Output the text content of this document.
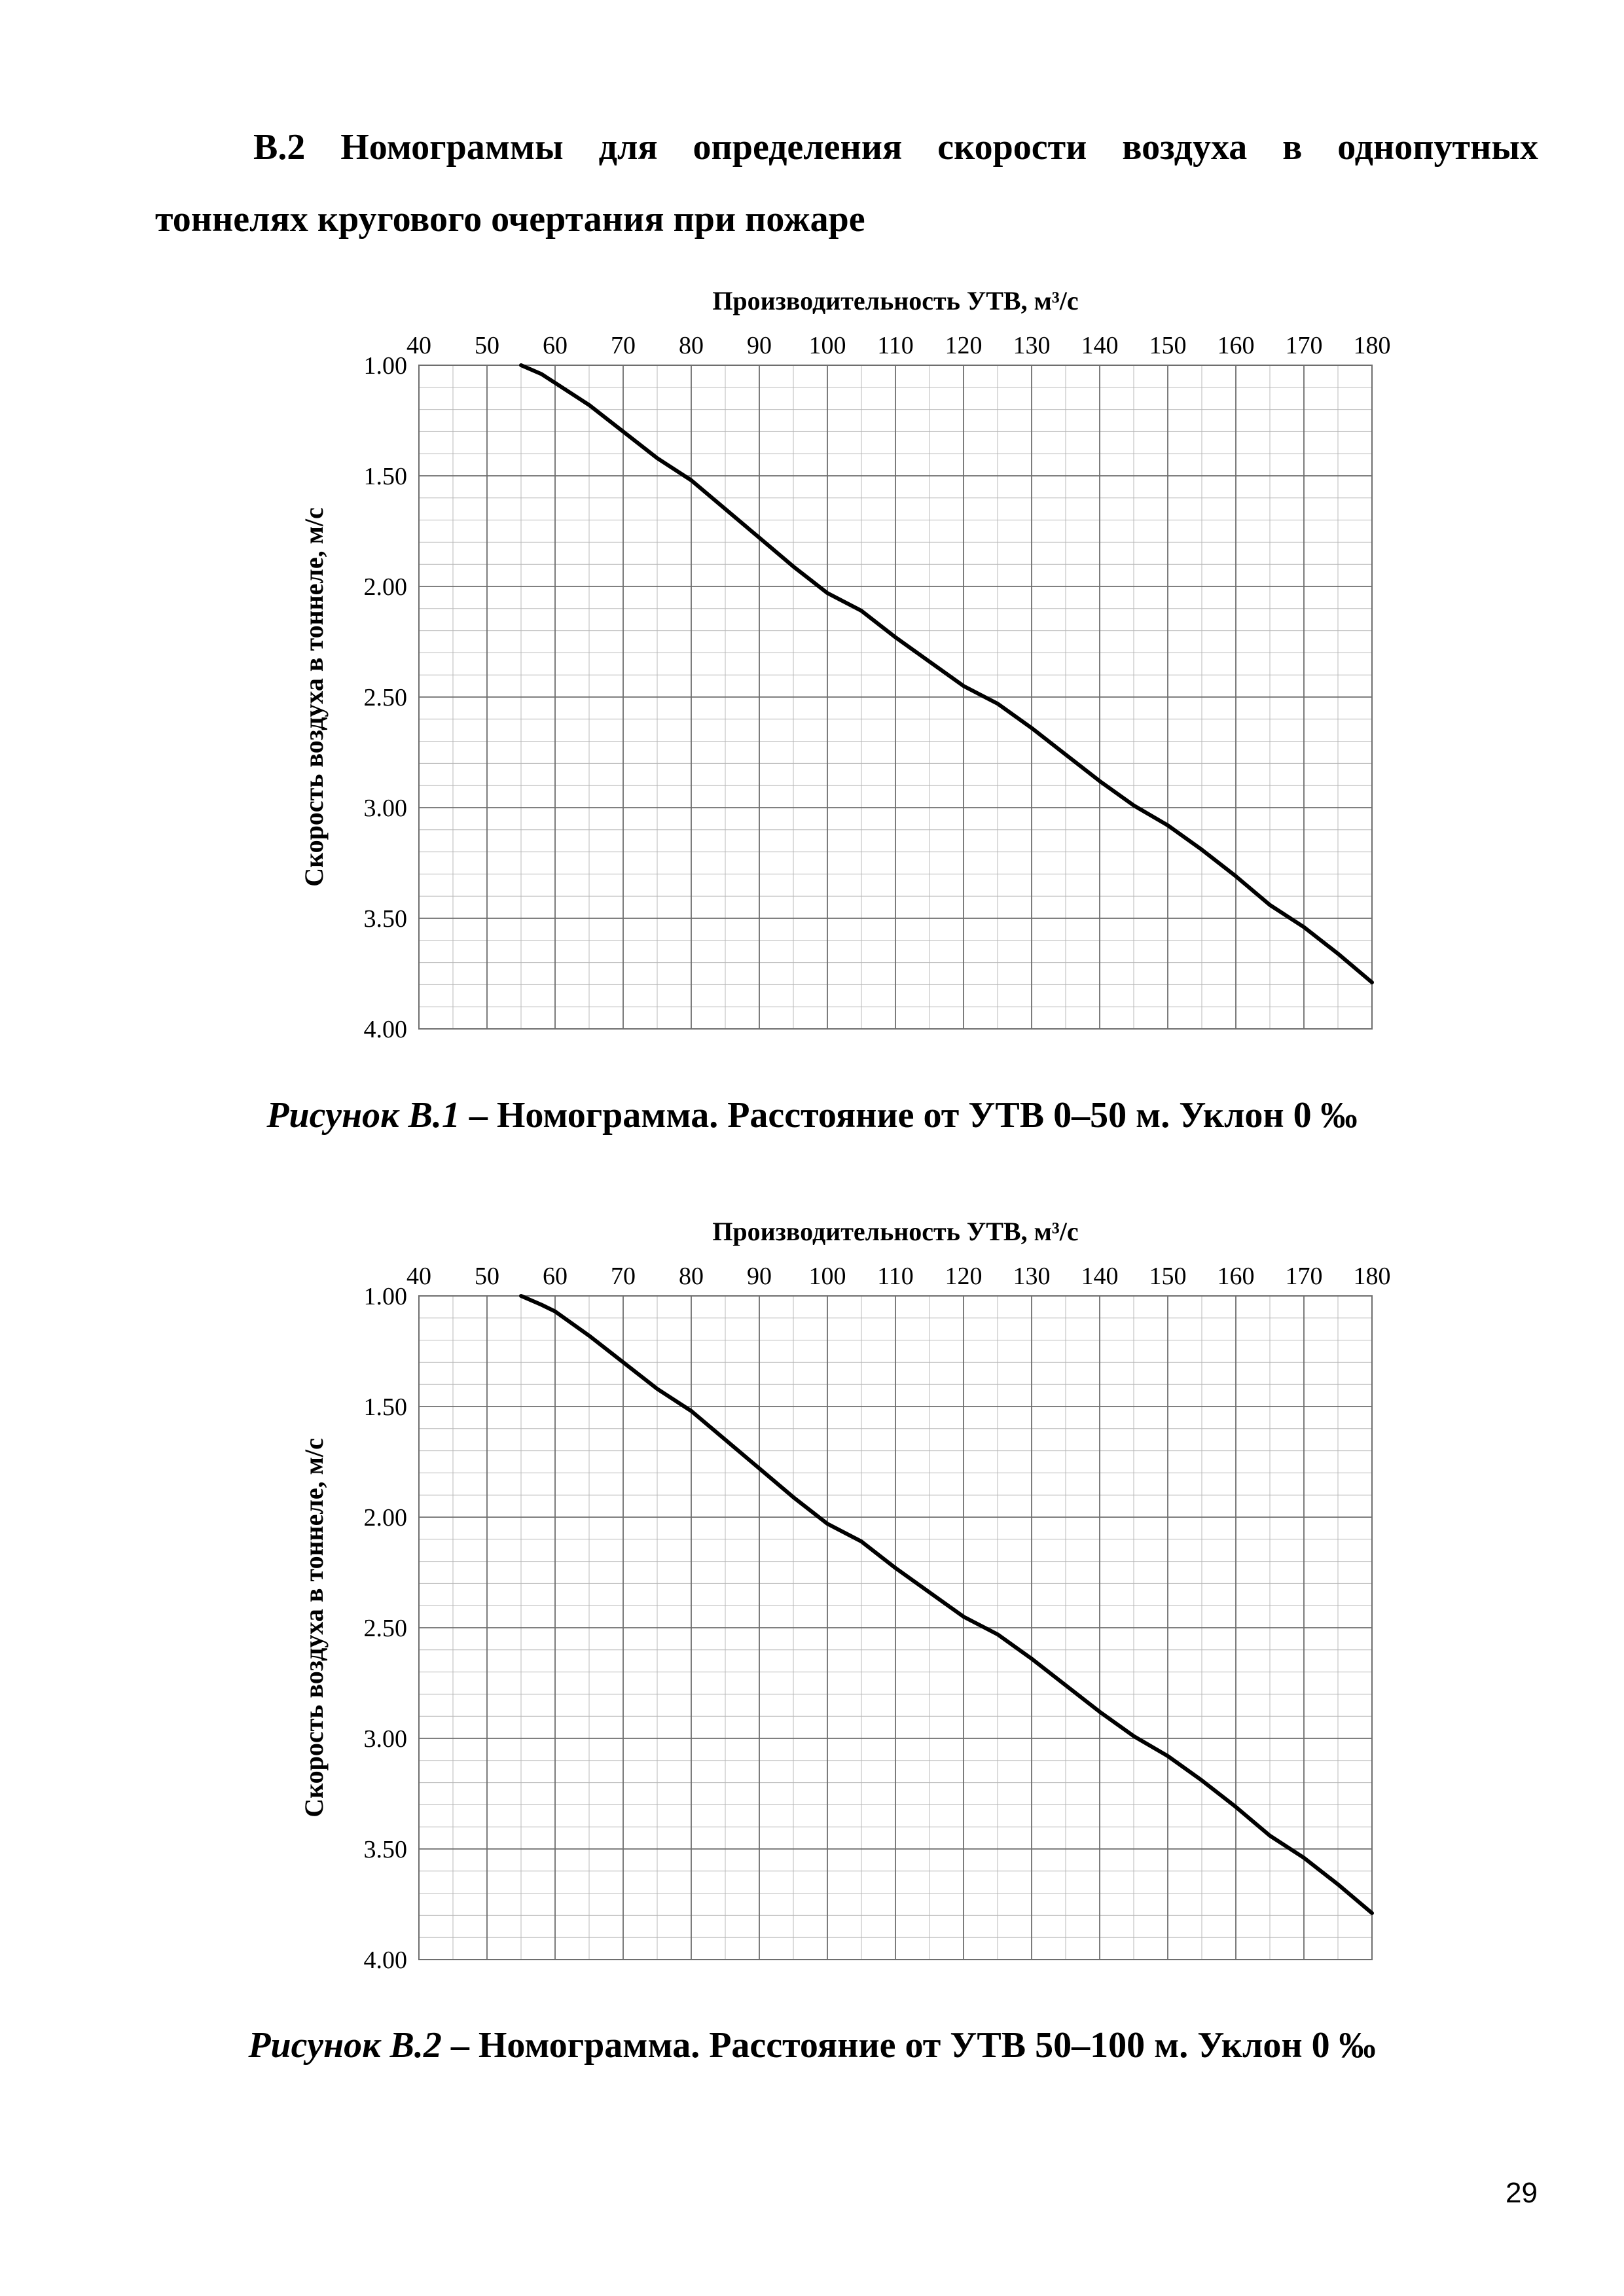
В.2 Номограммы для определения скорости воздуха в однопутных
тоннелях кругового очертания при пожаре
40 50 60 70 80 90 100 110 120 130 140 150 160 170 180
1.00
1.50
2.00
2.50
3.00
3.50
4.00
Производительность УТВ, м³/с
Скорость воздуха в тоннеле, м/с

Рисунок В.1 – Номограмма. Расстояние от УТВ 0–50 м. Уклон 0 ‰

40 50 60 70 80 90 100 110 120 130 140 150 160 170 180
1.00
1.50
2.00
2.50
3.00
3.50
4.00
Производительность УТВ, м³/с
Скорость воздуха в тоннеле, м/с

Рисунок В.2 – Номограмма. Расстояние от УТВ 50–100 м. Уклон 0 ‰

29
